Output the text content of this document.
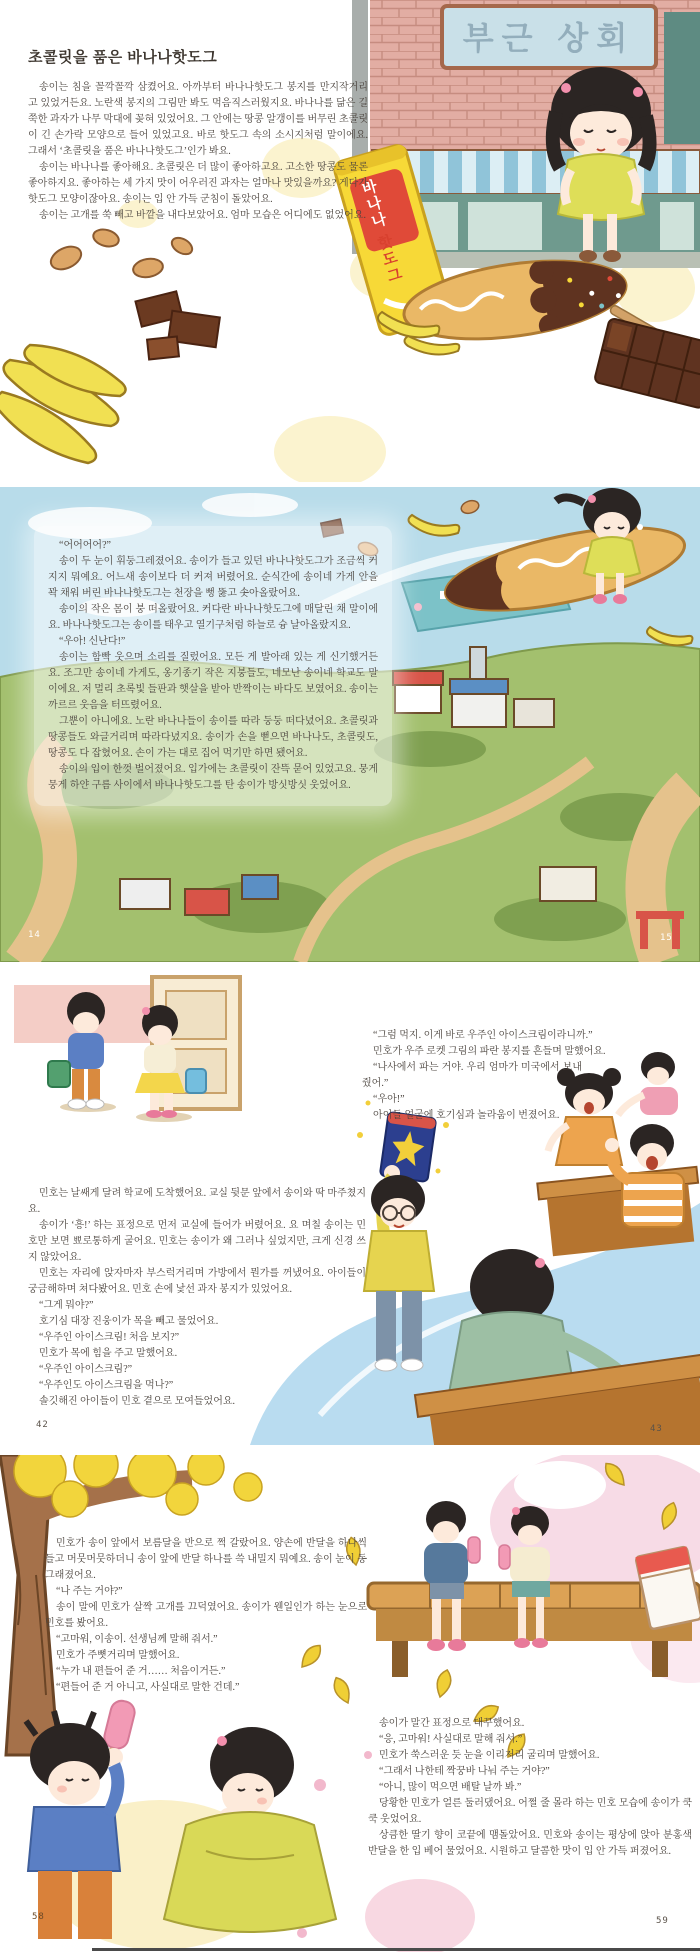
부근 상회
바나나
핫도그
초콜릿을 품은 바나나핫도그

송이는 침을 꼴깍꼴깍 삼켰어요. 아까부터 바나나핫도그 봉지를 만지작거리고 있었거든요. 노란색 봉지의 그림만 봐도 먹음직스러웠지요. 바나나를 닮은 길쭉한 과자가 나무 막대에 꽂혀 있었어요. 그 안에는 땅콩 알갱이를 버무린 초콜릿이 긴 손가락 모양으로 들어 있었고요. 바로 핫도그 속의 소시지처럼 말이에요. 그래서 ‘초콜릿을 품은 바나나핫도그’인가 봐요.

송이는 바나나를 좋아해요. 초콜릿은 더 많이 좋아하고요. 고소한 땅콩도 물론 좋아하지요. 좋아하는 세 가지 맛이 어우러진 과자는 얼마나 맛있을까요? 게다가 핫도그 모양이잖아요. 송이는 입 안 가득 군침이 돌았어요.

송이는 고개를 쑥 빼고 바깥을 내다보았어요. 엄마 모습은 어디에도 없었어요.

“어어어어?”

송이 두 눈이 휘둥그레졌어요. 송이가 들고 있던 바나나핫도그가 조금씩 커지지 뭐예요. 어느새 송이보다 더 커져 버렸어요. 순식간에 송이네 가게 안을 꽉 채워 버린 바나나핫도그는 천장을 뻥 뚫고 솟아올랐어요.

송이의 작은 몸이 붕 떠올랐어요. 커다란 바나나핫도그에 매달린 채 말이에요. 바나나핫도그는 송이를 태우고 열기구처럼 하늘로 슝 날아올랐지요.

“우아! 신난다!”

송이는 함빡 웃으며 소리를 질렀어요. 모든 게 발아래 있는 게 신기했거든요. 조그만 송이네 가게도, 옹기종기 작은 지붕들도, 네모난 송이네 학교도 말이에요. 저 멀리 초록빛 들판과 햇살을 받아 반짝이는 바다도 보였어요. 송이는 까르르 웃음을 터뜨렸어요.

그뿐이 아니에요. 노란 바나나들이 송이를 따라 둥둥 떠다녔어요. 초콜릿과 땅콩들도 와글거리며 따라다녔지요. 송이가 손을 뻗으면 바나나도, 초콜릿도, 땅콩도 다 잡혔어요. 손이 가는 대로 집어 먹기만 하면 됐어요.

송이의 입이 한껏 벌어졌어요. 입가에는 초콜릿이 잔뜩 묻어 있었고요. 뭉게뭉게 하얀 구름 사이에서 바나나핫도그를 탄 송이가 방싯방싯 웃었어요.

14	15

“그럼 먹지. 이게 바로 우주인 아이스크림이라니까.”

민호가 우주 로켓 그림의 파란 봉지를 흔들며 말했어요.

“나사에서 파는 거야. 우리 엄마가 미국에서 보내 줬어.”

“우아!”

아이들 얼굴에 호기심과 놀라움이 번졌어요.

민호는 날쌔게 달려 학교에 도착했어요. 교실 뒷문 앞에서 송이와 딱 마주쳤지요.

송이가 ‘흥!’ 하는 표정으로 먼저 교실에 들어가 버렸어요. 요 며칠 송이는 민호만 보면 뾰로통하게 굴어요. 민호는 송이가 왜 그러나 싶었지만, 크게 신경 쓰지 않았어요.

민호는 자리에 앉자마자 부스럭거리며 가방에서 뭔가를 꺼냈어요. 아이들이 궁금해하며 쳐다봤어요. 민호 손에 낯선 과자 봉지가 있었어요.

“그게 뭐야?”

호기심 대장 진웅이가 목을 빼고 물었어요.

“우주인 아이스크림! 처음 보지?”

민호가 목에 힘을 주고 말했어요.

“우주인 아이스크림?”

“우주인도 아이스크림을 먹나?”

솔깃해진 아이들이 민호 곁으로 모여들었어요.

42	43

민호가 송이 앞에서 보름달을 반으로 쩍 갈랐어요. 양손에 반달을 하나씩 들고 머뭇머뭇하더니 송이 앞에 반달 하나를 쓱 내밀지 뭐예요. 송이 눈이 동그래졌어요.

“나 주는 거야?”

송이 말에 민호가 살짝 고개를 끄덕였어요. 송이가 웬일인가 하는 눈으로 민호를 봤어요.

“고마워, 이송이. 선생님께 말해 줘서.”

민호가 주뼛거리며 말했어요.

“누가 내 편들어 준 거…… 처음이거든.”

“편들어 준 거 아니고, 사실대로 말한 건데.”

송이가 말간 표정으로 대꾸했어요.

“응, 고마워! 사실대로 말해 줘서.”

민호가 쑥스러운 듯 눈을 이리저리 굴리며 말했어요.

“그래서 나한테 짝꿍바 나눠 주는 거야?”

“아니, 많이 먹으면 배탈 날까 봐.”

당황한 민호가 얼른 둘러댔어요. 어쩔 줄 몰라 하는 민호 모습에 송이가 쿡쿡 웃었어요.

상큼한 딸기 향이 코끝에 맴돌았어요. 민호와 송이는 평상에 앉아 분홍색 반달을 한 입 베어 물었어요. 시원하고 달콤한 맛이 입 안 가득 퍼졌어요.

58	59
